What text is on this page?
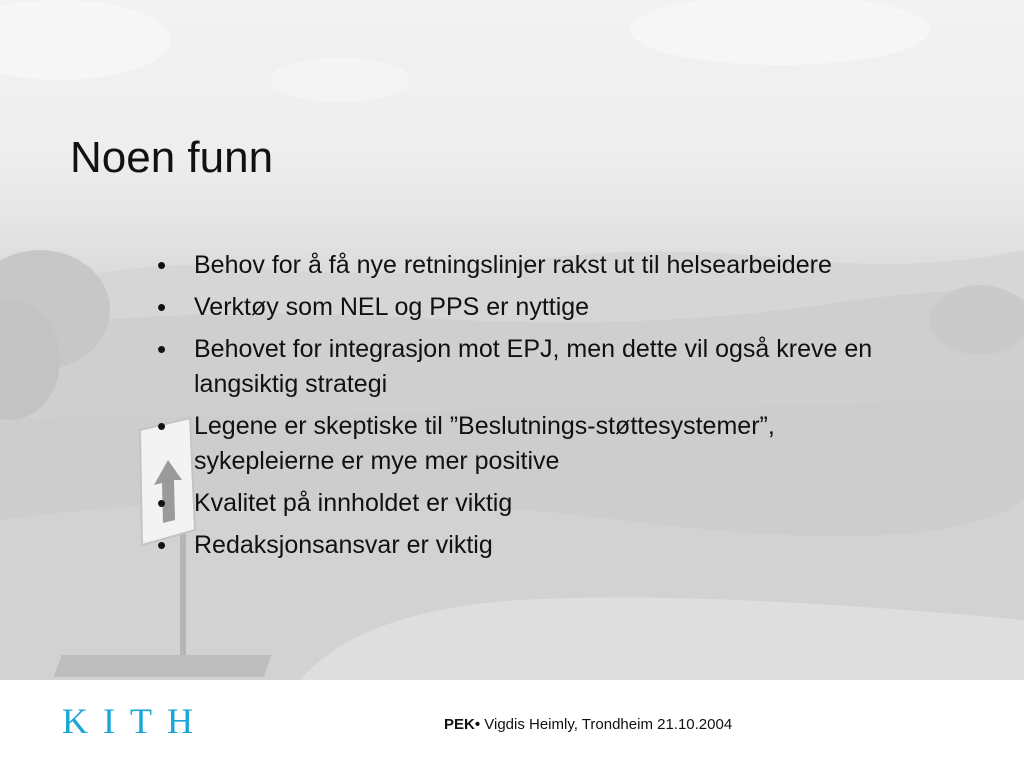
Noen funn
• Behov for å få nye retningslinjer rakst ut til helsearbeidere
• Verktøy som NEL og PPS er nyttige
• Behovet for integrasjon mot EPJ, men dette vil også kreve en langsiktig strategi
• Legene er skeptiske til ”Beslutnings-støttesystemer”, sykepleierne er mye mer positive
• Kvalitet på innholdet er viktig
• Redaksjonsansvar er viktig
KITH	PEK• Vigdis Heimly, Trondheim 21.10.2004
